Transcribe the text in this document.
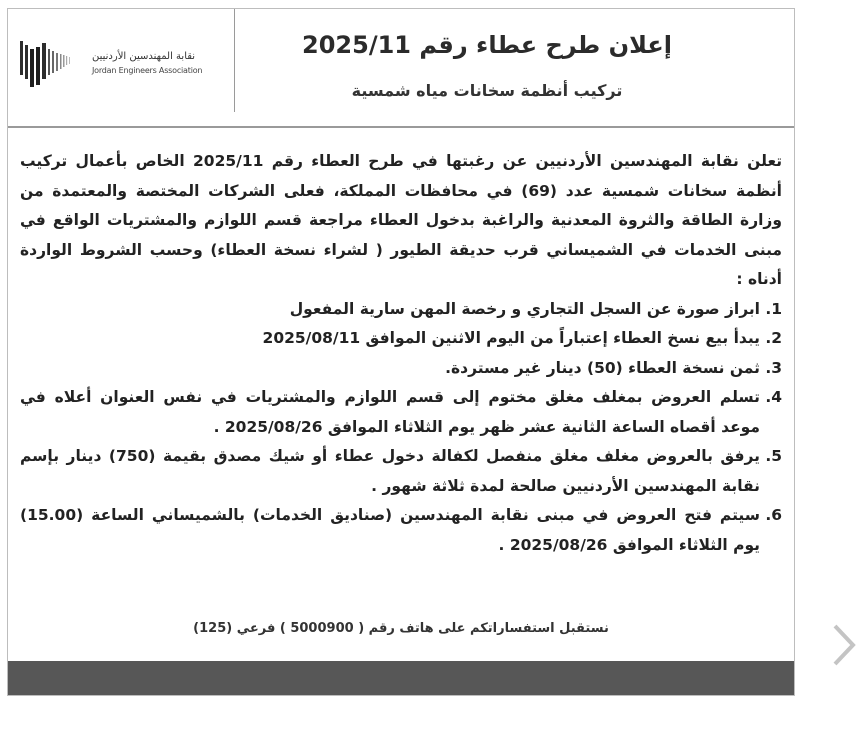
نقابة المهندسين الأردنيين
Jordan Engineers Association
إعلان طرح عطاء رقم 2025/11
تركيب أنظمة سخانات مياه شمسية

تعلن نقابة المهندسين الأردنيين عن رغبتها في طرح العطاء رقم 2025/11 الخاص بأعمال تركيب أنظمة سخانات شمسية عدد (69) في محافظات المملكة، فعلى الشركات المختصة والمعتمدة من وزارة الطاقة والثروة المعدنية والراغبة بدخول العطاء مراجعة قسم اللوازم والمشتريات الواقع في مبنى الخدمات في الشميساني قرب حديقة الطيور ( لشراء نسخة العطاء) وحسب الشروط الواردة أدناه :

1. ابراز صورة عن السجل التجاري و رخصة المهن سارية المفعول
2. يبدأ بيع نسخ العطاء إعتباراً من اليوم الاثنين الموافق 2025/08/11
3. ثمن نسخة العطاء (50) دينار غير مستردة.
4. تسلم العروض بمغلف مغلق مختوم إلى قسم اللوازم والمشتريات في نفس العنوان أعلاه في موعد أقصاه الساعة الثانية عشر ظهر يوم الثلاثاء الموافق 2025/08/26 .
5. يرفق بالعروض مغلف مغلق منفصل لكفالة دخول عطاء أو شيك مصدق بقيمة (750) دينار بإسم نقابة المهندسين الأردنيين صالحة لمدة ثلاثة شهور .
6. سيتم فتح العروض في مبنى نقابة المهندسين (صناديق الخدمات) بالشميساني الساعة (15.00) يوم الثلاثاء الموافق 2025/08/26 .
نستقبل استفساراتكم على هاتف رقم ( 5000900 ) فرعي (125)
